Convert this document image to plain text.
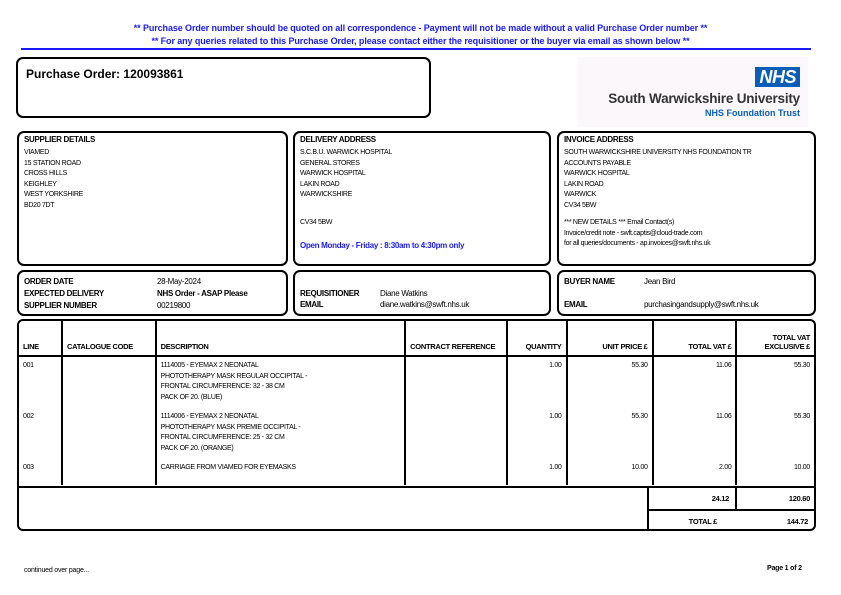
** Purchase Order number should be quoted on all correspondence - Payment will not be made without a valid Purchase Order number **
** For any queries related to this Purchase Order, please contact either the requisitioner or the buyer via email as shown below **
Purchase Order: 120093861	NHS
South Warwickshire University
NHS Foundation Trust
SUPPLIER DETAILS
VIAMED
15 STATION ROAD
CROSS HILLS
KEIGHLEY
WEST YORKSHIRE
BD20 7DT
DELIVERY ADDRESS
S.C.B.U. WARWICK HOSPITAL
GENERAL STORES
WARWICK HOSPITAL
LAKIN ROAD
WARWICKSHIRE
CV34 5BW
Open Monday - Friday : 8:30am to 4:30pm only
INVOICE ADDRESS
SOUTH WARWICKSHIRE UNIVERSITY NHS FOUNDATION TR
ACCOUNTS PAYABLE
WARWICK HOSPITAL
LAKIN ROAD
WARWICK
CV34 5BW
*** NEW DETAILS *** Email Contact(s)
Invoice/credit note - swft.captis@cloud-trade.com
for all queries/documents - ap.invoices@swft.nhs.uk
ORDER DATE	28-May-2024
EXPECTED DELIVERY	NHS Order - ASAP Please
SUPPLIER NUMBER	00219800
REQUISITIONER	Diane Watkins
EMAIL	diane.watkins@swft.nhs.uk
BUYER NAME	Jean Bird
EMAIL	purchasingandsupply@swft.nhs.uk
LINE	CATALOGUE CODE	DESCRIPTION	CONTRACT REFERENCE	QUANTITY	UNIT PRICE £	TOTAL VAT £	TOTAL VAT EXCLUSIVE £
001		1114005 - EYEMAX 2 NEONATAL
PHOTOTHERAPY MASK REGULAR OCCIPITAL -
FRONTAL CIRCUMFERENCE: 32 - 38 CM
PACK OF 20. (BLUE)		1.00	55.30	11.06	55.30
002		1114006 - EYEMAX 2 NEONATAL
PHOTOTHERAPY MASK PREMIE OCCIPITAL -
FRONTAL CIRCUMFERENCE: 25 - 32 CM
PACK OF 20. (ORANGE)		1.00	55.30	11.06	55.30
003		CARRIAGE FROM VIAMED FOR EYEMASKS		1.00	10.00	2.00	10.00
24.12	120.60
TOTAL £	144.72
continued over page...	Page 1 of 2
